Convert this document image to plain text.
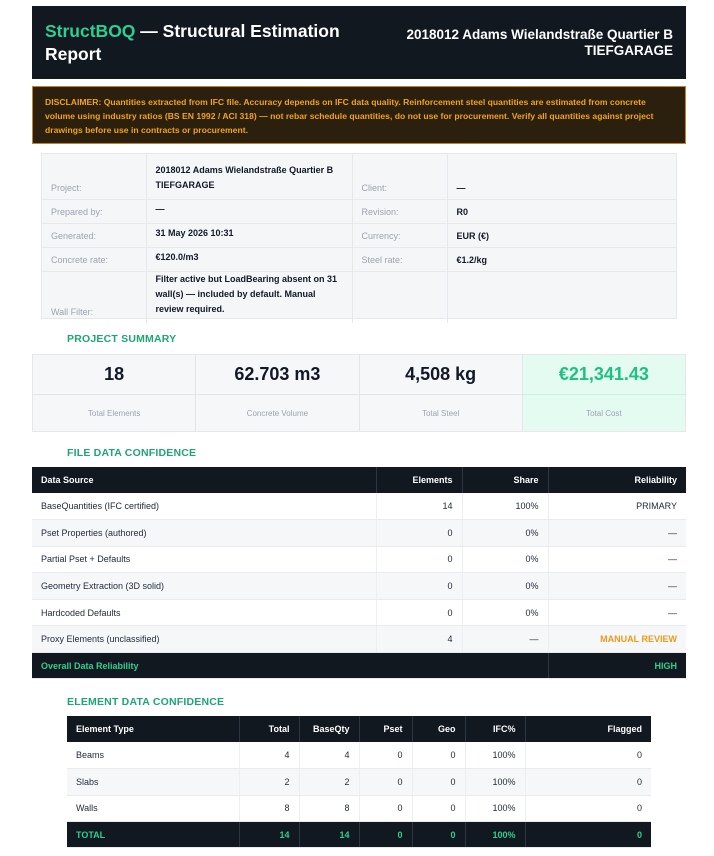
StructBOQ — Structural Estimation Report
2018012 Adams Wielandstraße Quartier B
TIEFGARAGE
DISCLAIMER: Quantities extracted from IFC file. Accuracy depends on IFC data quality. Reinforcement steel quantities are estimated from concrete volume using industry ratios (BS EN 1992 / ACI 318) — not rebar schedule quantities, do not use for procurement. Verify all quantities against project drawings before use in contracts or procurement.
Project:	2018012 Adams Wielandstraße Quartier B TIEFGARAGE	Client:	—
Prepared by:	—	Revision:	R0
Generated:	31 May 2026 10:31	Currency:	EUR (€)
Concrete rate:	€120.0/m3	Steel rate:	€1.2/kg
Wall Filter:	Filter active but LoadBearing absent on 31 wall(s) — included by default. Manual review required.		
PROJECT SUMMARY
18
Total Elements
62.703 m3
Concrete Volume
4,508 kg
Total Steel
€21,341.43
Total Cost
FILE DATA CONFIDENCE
Data Source	Elements	Share	Reliability
BaseQuantities (IFC certified)	14	100%	PRIMARY
Pset Properties (authored)	0	0%	—
Partial Pset + Defaults	0	0%	—
Geometry Extraction (3D solid)	0	0%	—
Hardcoded Defaults	0	0%	—
Proxy Elements (unclassified)	4	—	MANUAL REVIEW
Overall Data Reliability			HIGH
ELEMENT DATA CONFIDENCE
Element Type	Total	BaseQty	Pset	Geo	IFC%	Flagged
Beams	4	4	0	0	100%	0
Slabs	2	2	0	0	100%	0
Walls	8	8	0	0	100%	0
TOTAL	14	14	0	0	100%	0
